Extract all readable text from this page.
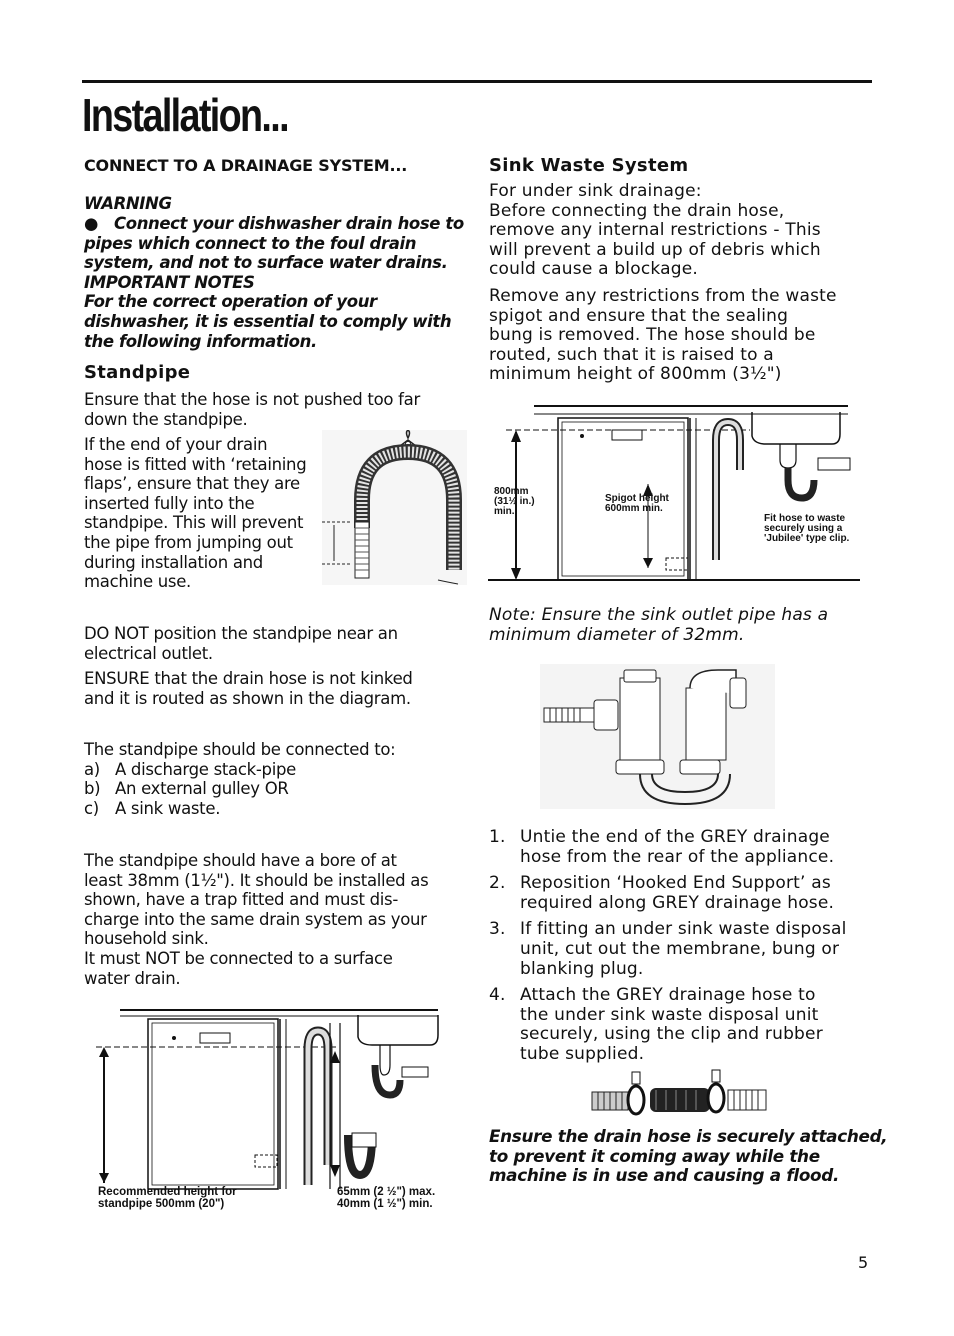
Installation...
CONNECT TO A DRAINAGE SYSTEM...
WARNING
● Connect your dishwasher drain hose to
pipes which connect to the foul drain
system, and not to surface water drains.
IMPORTANT NOTES
For the correct operation of your
dishwasher, it is essential to comply with
the following information.
Standpipe
Ensure that the hose is not pushed too far
down the standpipe.
If the end of your drain
hose is fitted with ‘retaining
flaps’, ensure that they are
inserted fully into the
standpipe. This will prevent
the pipe from jumping out
during installation and
machine use.
DO NOT position the standpipe near an
electrical outlet.
ENSURE that the drain hose is not kinked
and it is routed as shown in the diagram.
The standpipe should be connected to:
a) A discharge stack-pipe
b) An external gulley OR
c) A sink waste.
The standpipe should have a bore of at
least 38mm (1½"). It should be installed as
shown, have a trap fitted and must dis-
charge into the same drain system as your
household sink.
It must NOT be connected to a surface
water drain.
Recommended height for
standpipe 500mm (20")
65mm (2 ½") max.
40mm (1 ½") min.
Sink Waste System
For under sink drainage:
Before connecting the drain hose,
remove any internal restrictions - This
will prevent a build up of debris which
could cause a blockage.
Remove any restrictions from the waste
spigot and ensure that the sealing
bung is removed. The hose should be
routed, such that it is raised to a
minimum height of 800mm (3½")
800mm
(31½ in.)
min.
Spigot height
600mm min.
Fit hose to waste
securely using a
'Jubilee' type clip.
Note: Ensure the sink outlet pipe has a
minimum diameter of 32mm.
1. Untie the end of the GREY drainage
hose from the rear of the appliance.
2. Reposition ‘Hooked End Support’ as
required along GREY drainage hose.
3. If fitting an under sink waste disposal
unit, cut out the membrane, bung or
blanking plug.
4. Attach the GREY drainage hose to
the under sink waste disposal unit
securely, using the clip and rubber
tube supplied.
Ensure the drain hose is securely attached,
to prevent it coming away while the
machine is in use and causing a flood.
5
